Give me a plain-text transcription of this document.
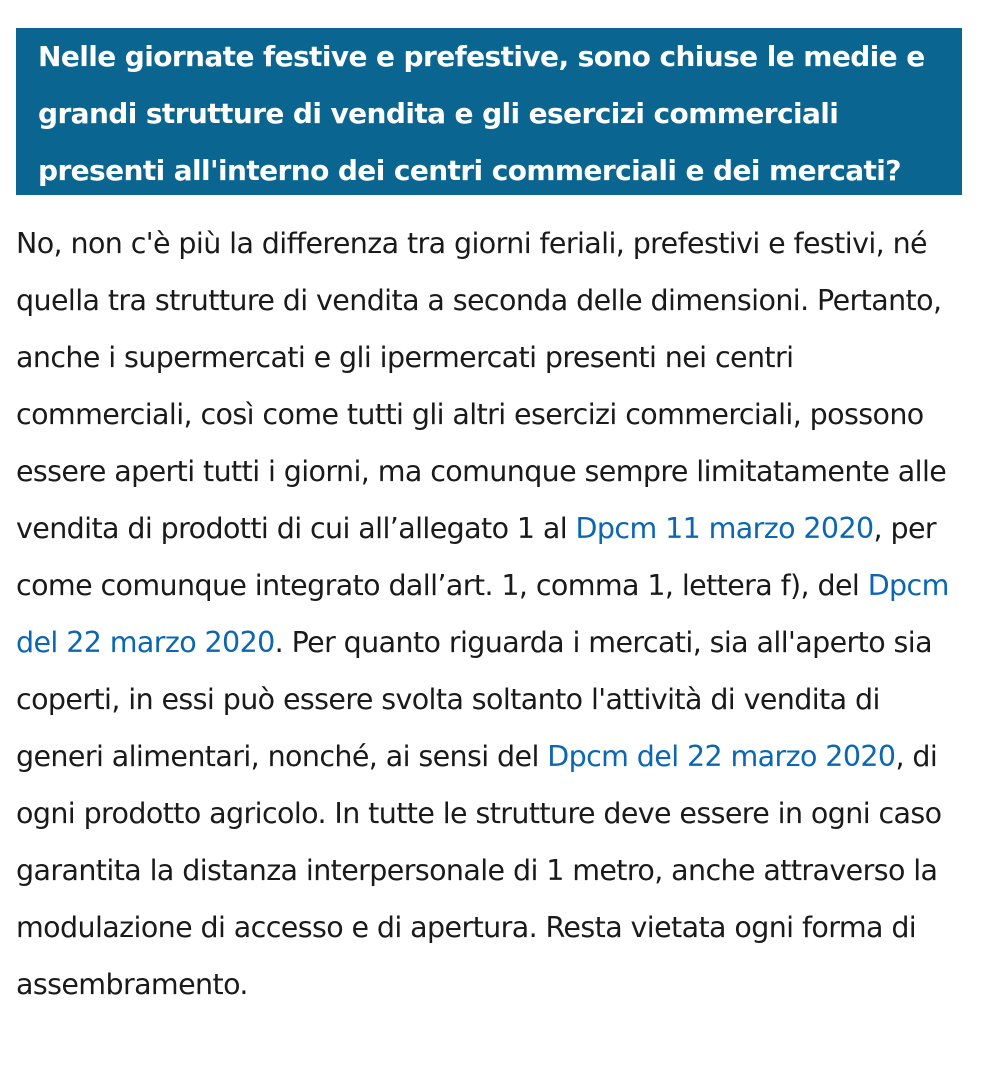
Nelle giornate festive e prefestive, sono chiuse le medie e grandi strutture di vendita e gli esercizi commerciali presenti all'interno dei centri commerciali e dei mercati?
No, non c'è più la differenza tra giorni feriali, prefestivi e festivi, né quella tra strutture di vendita a seconda delle dimensioni. Pertanto, anche i supermercati e gli ipermercati presenti nei centri commerciali, così come tutti gli altri esercizi commerciali, possono essere aperti tutti i giorni, ma comunque sempre limitatamente alle vendita di prodotti di cui all’allegato 1 al Dpcm 11 marzo 2020, per come comunque integrato dall’art. 1, comma 1, lettera f), del Dpcm del 22 marzo 2020. Per quanto riguarda i mercati, sia all'aperto sia coperti, in essi può essere svolta soltanto l'attività di vendita di generi alimentari, nonché, ai sensi del Dpcm del 22 marzo 2020, di ogni prodotto agricolo. In tutte le strutture deve essere in ogni caso garantita la distanza interpersonale di 1 metro, anche attraverso la modulazione di accesso e di apertura. Resta vietata ogni forma di assembramento.
